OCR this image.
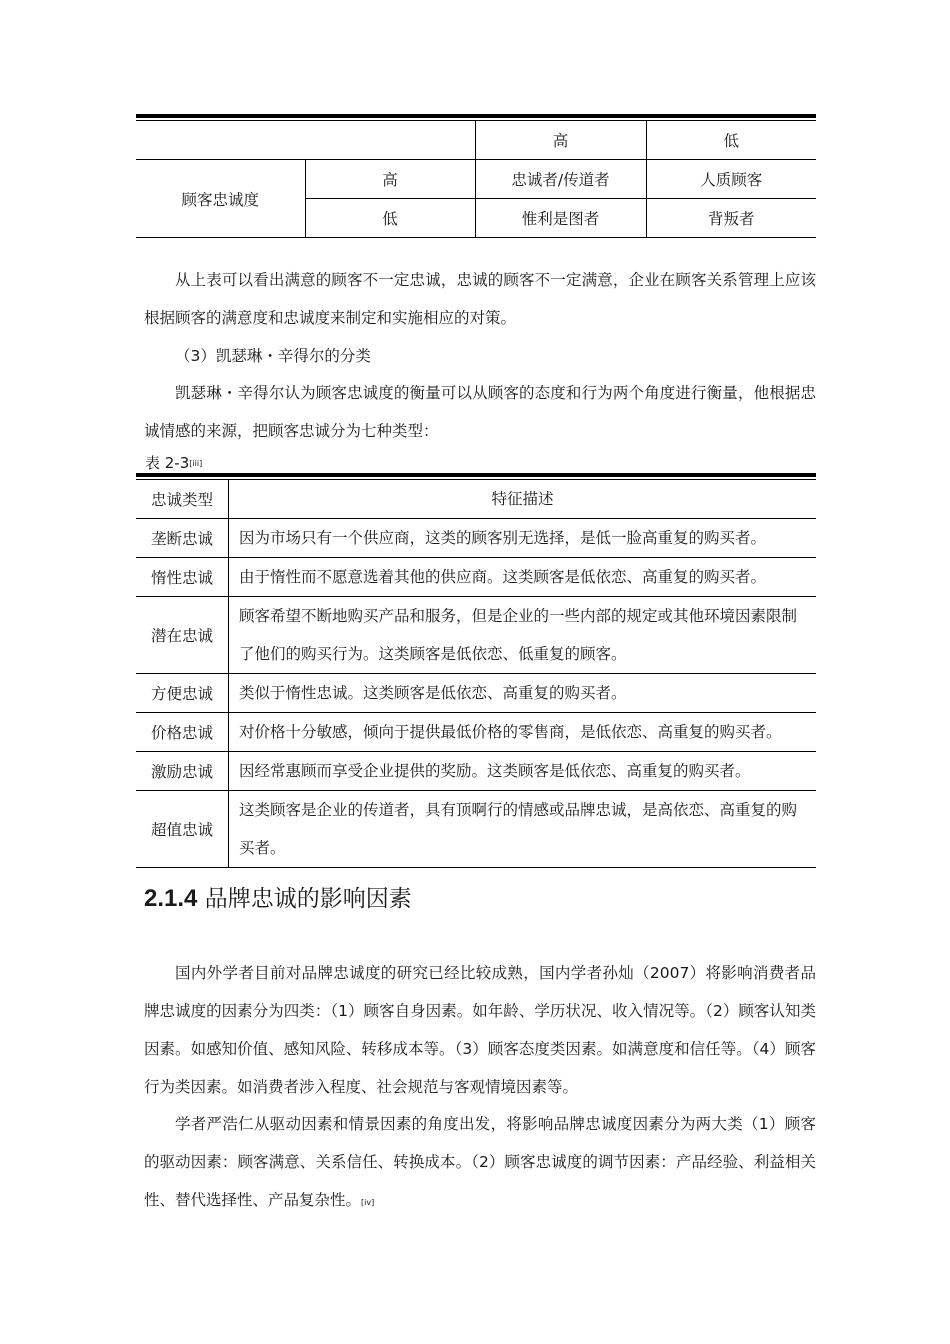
		高	低
顾客忠诚度	高	忠诚者/传道者	人质顾客
	低	惟利是图者	背叛者
从上表可以看出满意的顾客不一定忠诚，忠诚的顾客不一定满意，企业在顾客关系管理上应该根据顾客的满意度和忠诚度来制定和实施相应的对策。
（3）凯瑟琳・辛得尔的分类
凯瑟琳・辛得尔认为顾客忠诚度的衡量可以从顾客的态度和行为两个角度进行衡量，他根据忠诚情感的来源，把顾客忠诚分为七种类型：
表 2-3[iii]
忠诚类型	特征描述
垄断忠诚	因为市场只有一个供应商，这类的顾客别无选择，是低一脸高重复的购买者。
惰性忠诚	由于惰性而不愿意选着其他的供应商。这类顾客是低依恋、高重复的购买者。
潜在忠诚	顾客希望不断地购买产品和服务，但是企业的一些内部的规定或其他环境因素限制了他们的购买行为。这类顾客是低依恋、低重复的顾客。
方便忠诚	类似于惰性忠诚。这类顾客是低依恋、高重复的购买者。
价格忠诚	对价格十分敏感，倾向于提供最低价格的零售商，是低依恋、高重复的购买者。
激励忠诚	因经常惠顾而享受企业提供的奖励。这类顾客是低依恋、高重复的购买者。
超值忠诚	这类顾客是企业的传道者，具有顶啊行的情感或品牌忠诚，是高依恋、高重复的购买者。
2.1.4 品牌忠诚的影响因素
国内外学者目前对品牌忠诚度的研究已经比较成熟，国内学者孙灿（2007）将影响消费者品牌忠诚度的因素分为四类：（1）顾客自身因素。如年龄、学历状况、收入情况等。（2）顾客认知类因素。如感知价值、感知风险、转移成本等。（3）顾客态度类因素。如满意度和信任等。（4）顾客行为类因素。如消费者涉入程度、社会规范与客观情境因素等。
学者严浩仁从驱动因素和情景因素的角度出发，将影响品牌忠诚度因素分为两大类（1）顾客的驱动因素：顾客满意、关系信任、转换成本。（2）顾客忠诚度的调节因素：产品经验、利益相关性、替代选择性、产品复杂性。[iv]
